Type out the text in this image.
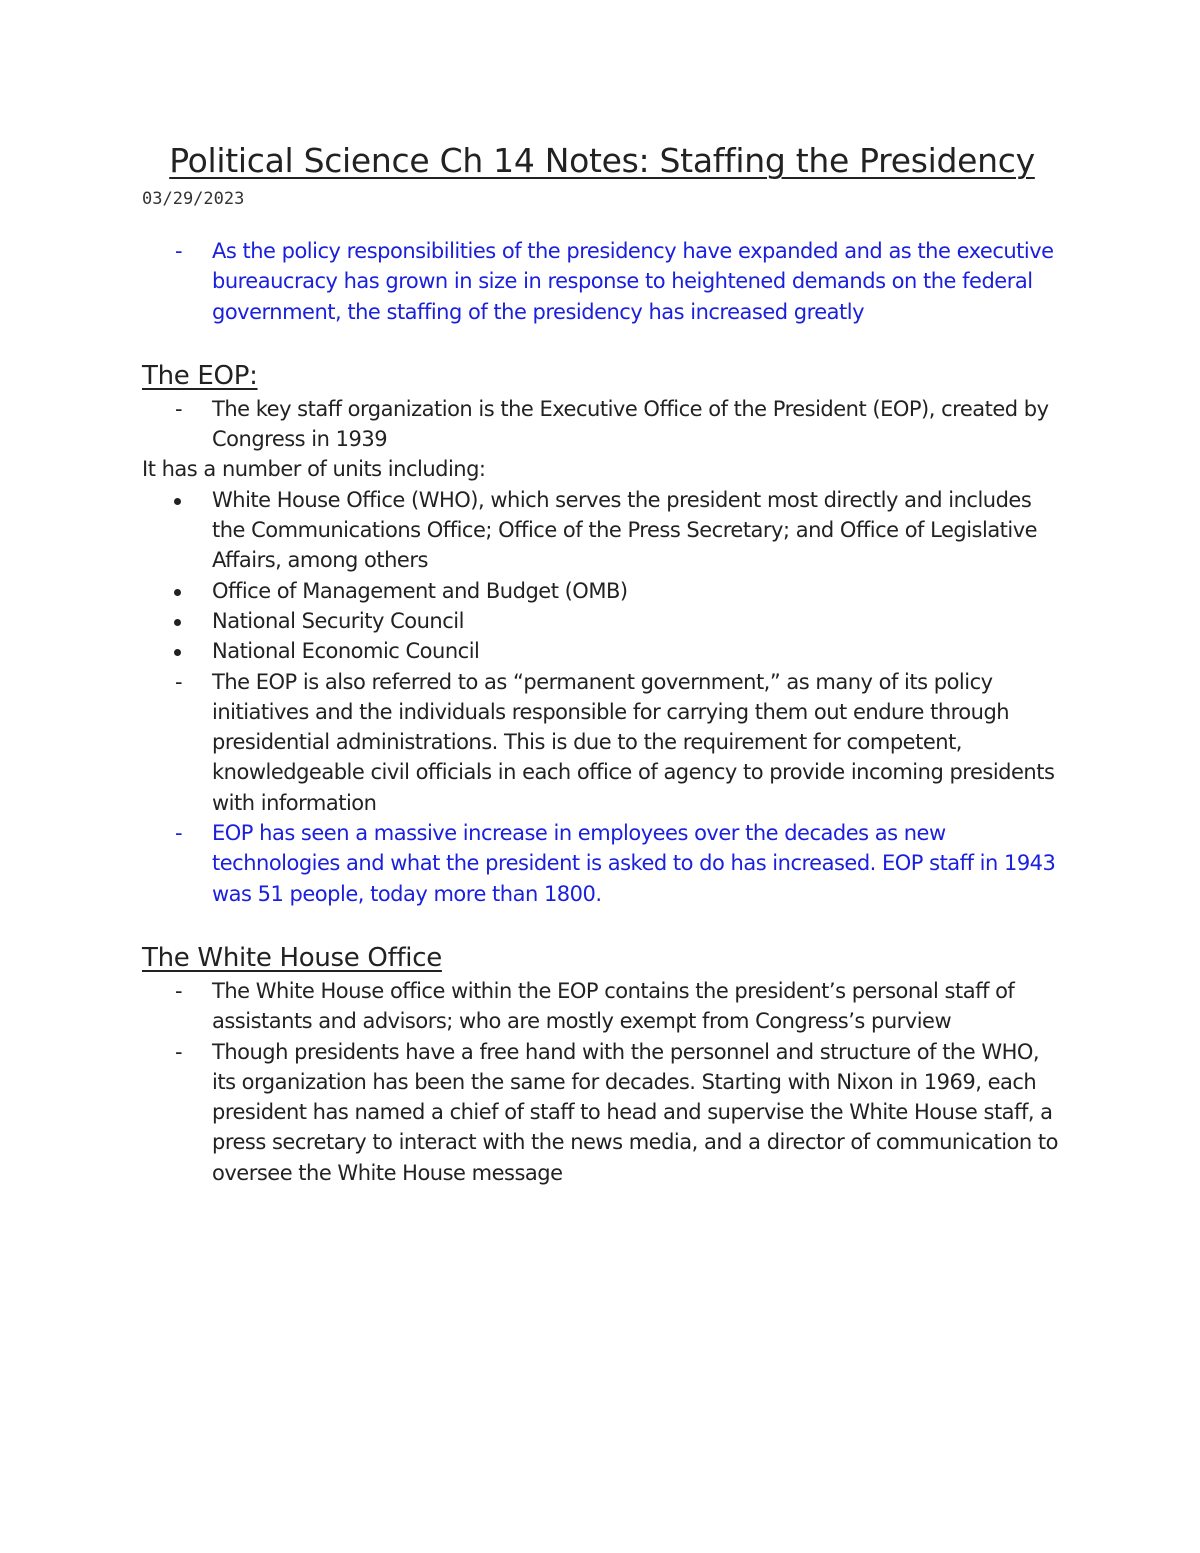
Political Science Ch 14 Notes: Staffing the Presidency
03/29/2023
- As the policy responsibilities of the presidency have expanded and as the executive bureaucracy has grown in size in response to heightened demands on the federal government, the staffing of the presidency has increased greatly
The EOP:
- The key staff organization is the Executive Office of the President (EOP), created by Congress in 1939
It has a number of units including:
White House Office (WHO), which serves the president most directly and includes the Communications Office; Office of the Press Secretary; and Office of Legislative Affairs, among others
Office of Management and Budget (OMB)
National Security Council
National Economic Council
- The EOP is also referred to as “permanent government,” as many of its policy initiatives and the individuals responsible for carrying them out endure through presidential administrations. This is due to the requirement for competent, knowledgeable civil officials in each office of agency to provide incoming presidents with information
- EOP has seen a massive increase in employees over the decades as new technologies and what the president is asked to do has increased. EOP staff in 1943 was 51 people, today more than 1800.
The White House Office
- The White House office within the EOP contains the president’s personal staff of assistants and advisors; who are mostly exempt from Congress’s purview
- Though presidents have a free hand with the personnel and structure of the WHO, its organization has been the same for decades. Starting with Nixon in 1969, each president has named a chief of staff to head and supervise the White House staff, a press secretary to interact with the news media, and a director of communication to oversee the White House message
